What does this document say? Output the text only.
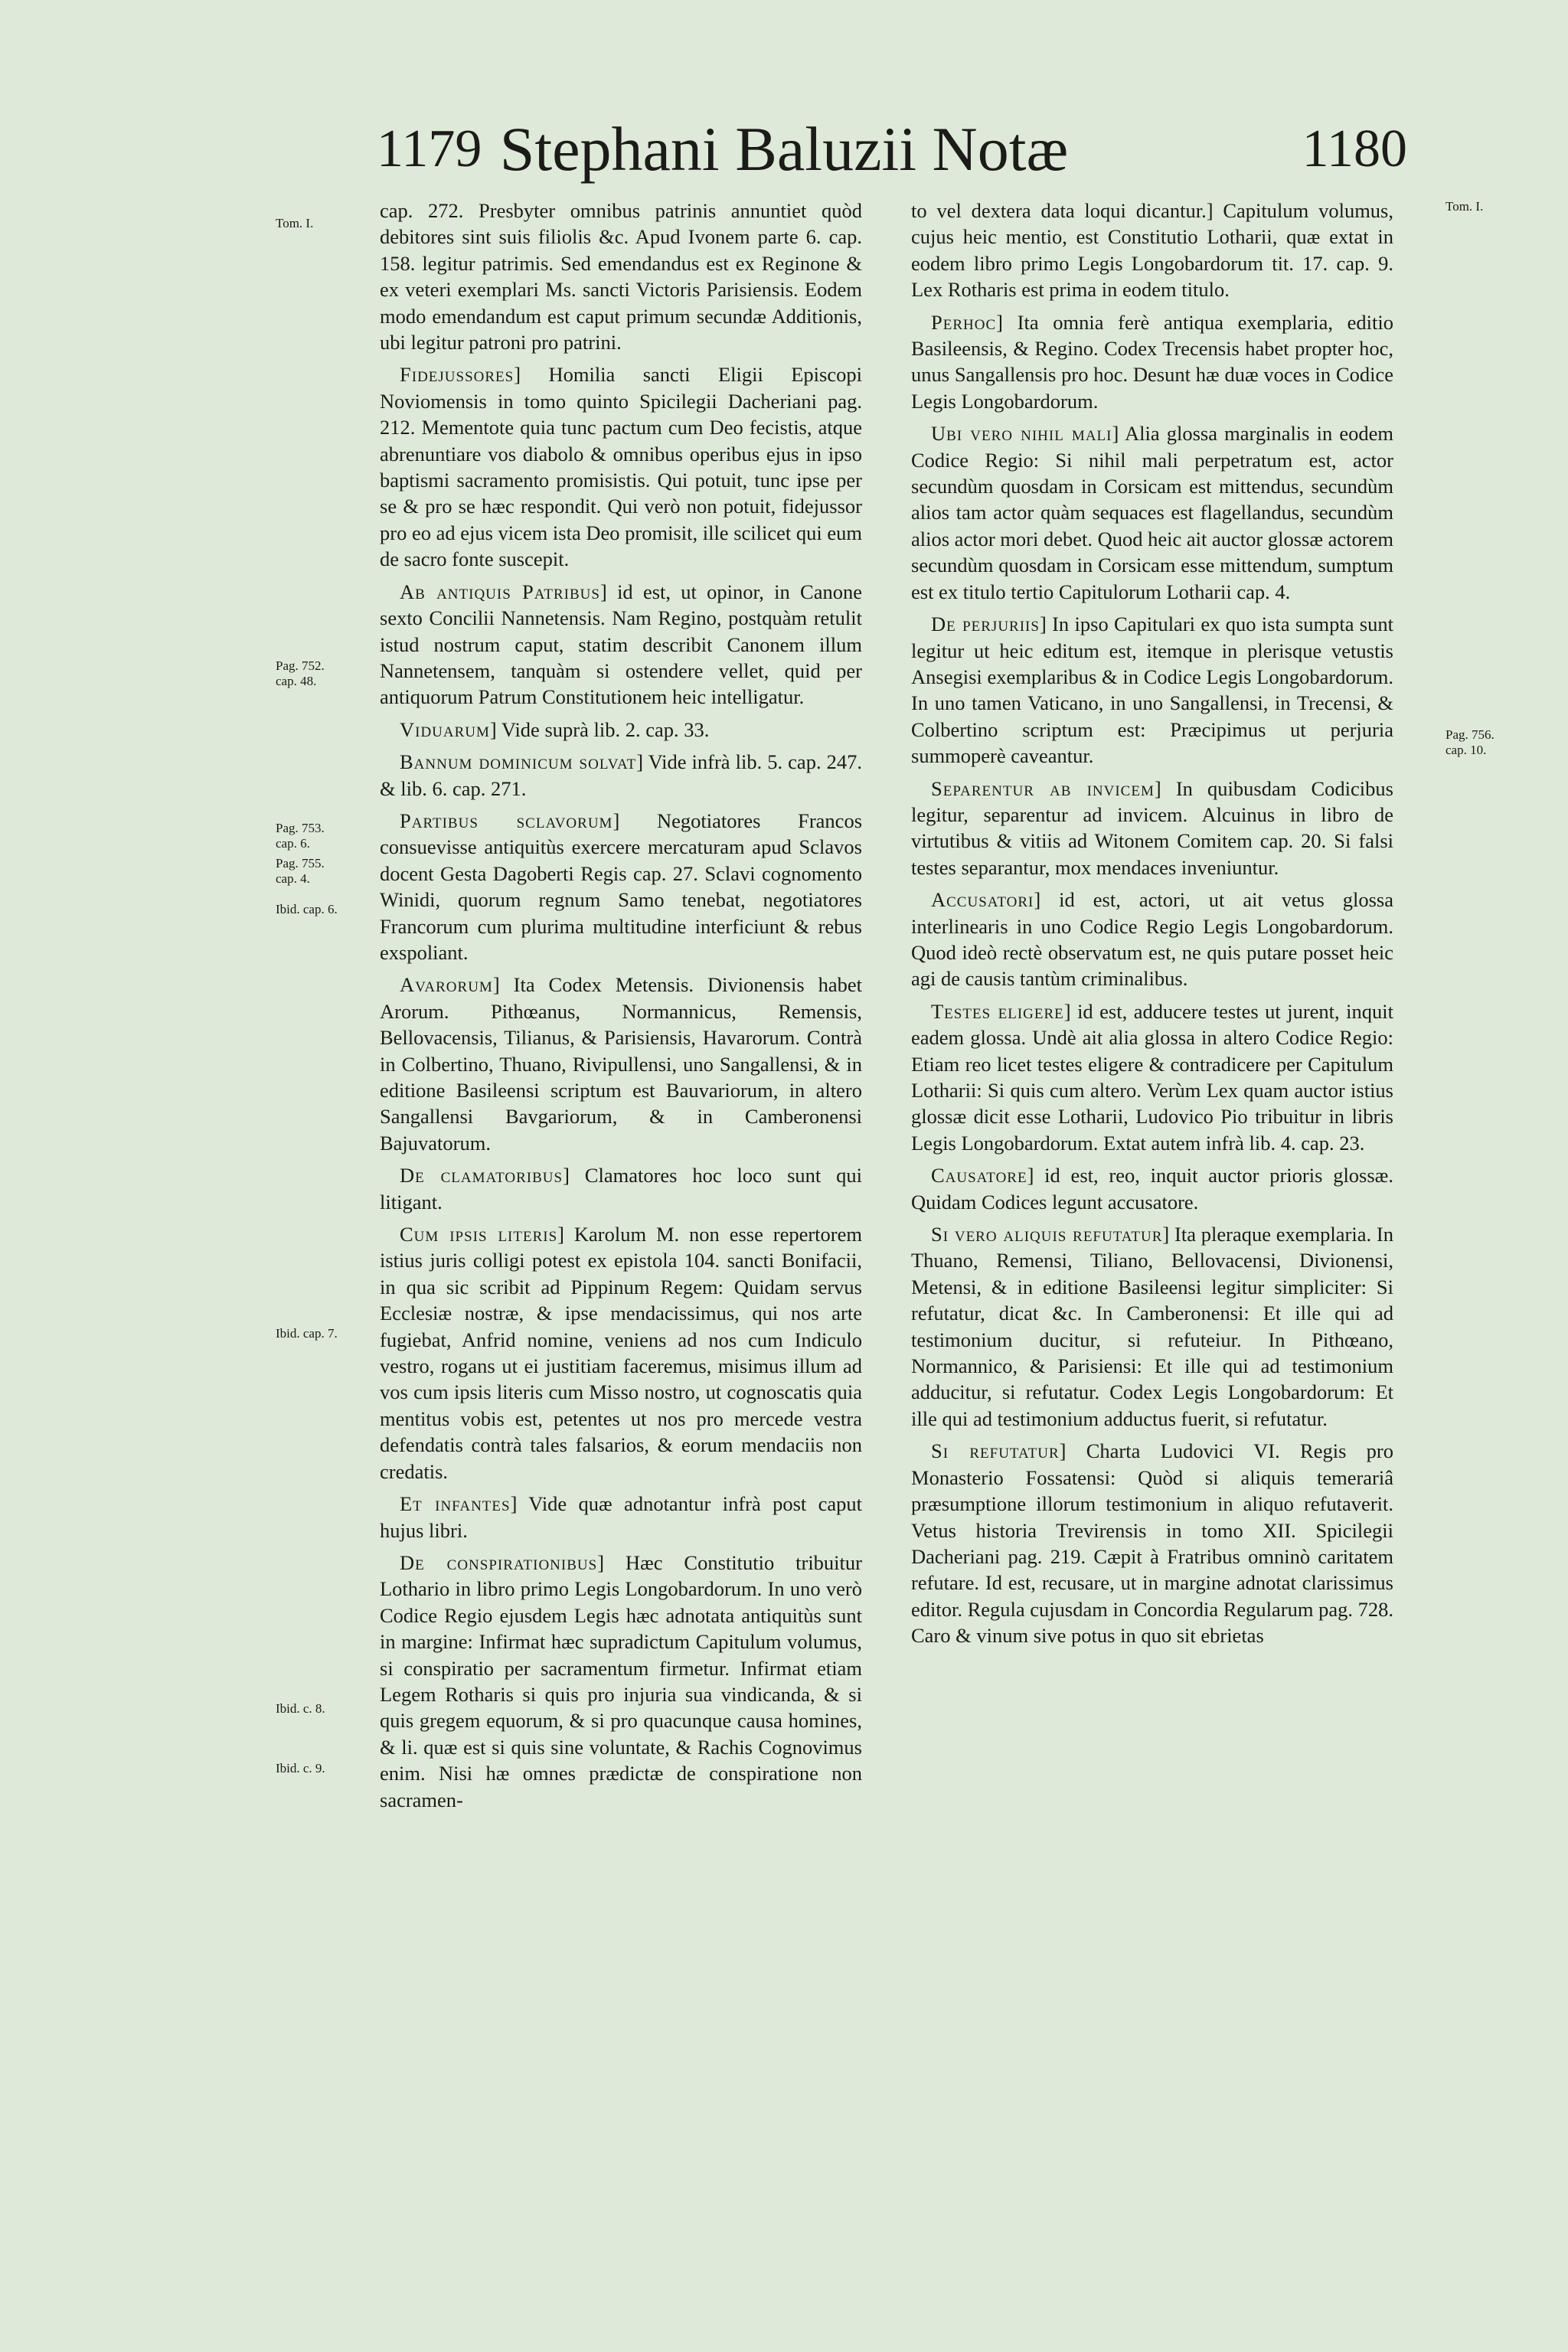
1179 Stephani Baluzii Notæ	1180
Tom. I.
Pag. 752.
cap. 48.
Pag. 753.
cap. 6.
Pag. 755.
cap. 4.
Ibid. cap. 6.
Ibid. cap. 7.
Ibid. c. 8.
Ibid. c. 9.
Tom. I.
Pag. 756.
cap. 10.

cap. 272. Presbyter omnibus patrinis annuntiet quòd debitores sint suis filiolis &c. Apud Ivonem parte 6. cap. 158. legitur patrimis. Sed emendandus est ex Reginone & ex veteri exemplari Ms. sancti Victoris Parisiensis. Eodem modo emendandum est caput primum secundæ Additionis, ubi legitur patroni pro patrini.

Fidejussores] Homilia sancti Eligii Episcopi Noviomensis in tomo quinto Spicilegii Dacheriani pag. 212. Mementote quia tunc pactum cum Deo fecistis, atque abrenuntiare vos diabolo & omnibus operibus ejus in ipso baptismi sacramento promisistis. Qui potuit, tunc ipse per se & pro se hæc respondit. Qui verò non potuit, fidejussor pro eo ad ejus vicem ista Deo promisit, ille scilicet qui eum de sacro fonte suscepit.

Ab antiquis Patribus] id est, ut opinor, in Canone sexto Concilii Nannetensis. Nam Regino, postquàm retulit istud nostrum caput, statim describit Canonem illum Nannetensem, tanquàm si ostendere vellet, quid per antiquorum Patrum Constitutionem heic intelligatur.

Viduarum] Vide suprà lib. 2. cap. 33.

Bannum dominicum solvat] Vide infrà lib. 5. cap. 247. & lib. 6. cap. 271.

Partibus sclavorum] Negotiatores Francos consuevisse antiquitùs exercere mercaturam apud Sclavos docent Gesta Dagoberti Regis cap. 27. Sclavi cognomento Winidi, quorum regnum Samo tenebat, negotiatores Francorum cum plurima multitudine interficiunt & rebus exspoliant.

Avarorum] Ita Codex Metensis. Divionensis habet Arorum. Pithœanus, Normannicus, Remensis, Bellovacensis, Tilianus, & Parisiensis, Havarorum. Contrà in Colbertino, Thuano, Rivipullensi, uno Sangallensi, & in editione Basileensi scriptum est Bauvariorum, in altero Sangallensi Bavgariorum, & in Camberonensi Bajuvatorum.

De clamatoribus] Clamatores hoc loco sunt qui litigant.

Cum ipsis literis] Karolum M. non esse repertorem istius juris colligi potest ex epistola 104. sancti Bonifacii, in qua sic scribit ad Pippinum Regem: Quidam servus Ecclesiæ nostræ, & ipse mendacissimus, qui nos arte fugiebat, Anfrid nomine, veniens ad nos cum Indiculo vestro, rogans ut ei justitiam faceremus, misimus illum ad vos cum ipsis literis cum Misso nostro, ut cognoscatis quia mentitus vobis est, petentes ut nos pro mercede vestra defendatis contrà tales falsarios, & eorum mendaciis non credatis.

Et infantes] Vide quæ adnotantur infrà post caput hujus libri.

De conspirationibus] Hæc Constitutio tribuitur Lothario in libro primo Legis Longobardorum. In uno verò Codice Regio ejusdem Legis hæc adnotata antiquitùs sunt in margine: Infirmat hæc supradictum Capitulum volumus, si conspiratio per sacramentum firmetur. Infirmat etiam Legem Rotharis si quis pro injuria sua vindicanda, & si quis gregem equorum, & si pro quacunque causa homines, & li. quæ est si quis sine voluntate, & Rachis Cognovimus enim. Nisi hæ omnes prædictæ de conspiratione non sacramen-

to vel dextera data loqui dicantur.] Capitulum volumus, cujus heic mentio, est Constitutio Lotharii, quæ extat in eodem libro primo Legis Longobardorum tit. 17. cap. 9. Lex Rotharis est prima in eodem titulo.

Perhoc] Ita omnia ferè antiqua exemplaria, editio Basileensis, & Regino. Codex Trecensis habet propter hoc, unus Sangallensis pro hoc. Desunt hæ duæ voces in Codice Legis Longobardorum.

Ubi vero nihil mali] Alia glossa marginalis in eodem Codice Regio: Si nihil mali perpetratum est, actor secundùm quosdam in Corsicam est mittendus, secundùm alios tam actor quàm sequaces est flagellandus, secundùm alios actor mori debet. Quod heic ait auctor glossæ actorem secundùm quosdam in Corsicam esse mittendum, sumptum est ex titulo tertio Capitulorum Lotharii cap. 4.

De perjuriis] In ipso Capitulari ex quo ista sumpta sunt legitur ut heic editum est, itemque in plerisque vetustis Ansegisi exemplaribus & in Codice Legis Longobardorum. In uno tamen Vaticano, in uno Sangallensi, in Trecensi, & Colbertino scriptum est: Præcipimus ut perjuria summoperè caveantur.

Separentur ab invicem] In quibusdam Codicibus legitur, separentur ad invicem. Alcuinus in libro de virtutibus & vitiis ad Witonem Comitem cap. 20. Si falsi testes separantur, mox mendaces inveniuntur.

Accusatori] id est, actori, ut ait vetus glossa interlinearis in uno Codice Regio Legis Longobardorum. Quod ideò rectè observatum est, ne quis putare posset heic agi de causis tantùm criminalibus.

Testes eligere] id est, adducere testes ut jurent, inquit eadem glossa. Undè ait alia glossa in altero Codice Regio: Etiam reo licet testes eligere & contradicere per Capitulum Lotharii: Si quis cum altero. Verùm Lex quam auctor istius glossæ dicit esse Lotharii, Ludovico Pio tribuitur in libris Legis Longobardorum. Extat autem infrà lib. 4. cap. 23.

Causatore] id est, reo, inquit auctor prioris glossæ. Quidam Codices legunt accusatore.

Si vero aliquis refutatur] Ita pleraque exemplaria. In Thuano, Remensi, Tiliano, Bellovacensi, Divionensi, Metensi, & in editione Basileensi legitur simpliciter: Si refutatur, dicat &c. In Camberonensi: Et ille qui ad testimonium ducitur, si refuteiur. In Pithœano, Normannico, & Parisiensi: Et ille qui ad testimonium adducitur, si refutatur. Codex Legis Longobardorum: Et ille qui ad testimonium adductus fuerit, si refutatur.

Si refutatur] Charta Ludovici VI. Regis pro Monasterio Fossatensi: Quòd si aliquis temerariâ præsumptione illorum testimonium in aliquo refutaverit. Vetus historia Trevirensis in tomo XII. Spicilegii Dacheriani pag. 219. Cæpit à Fratribus omninò caritatem refutare. Id est, recusare, ut in margine adnotat clarissimus editor. Regula cujusdam in Concordia Regularum pag. 728. Caro & vinum sive potus in quo sit ebrietas
